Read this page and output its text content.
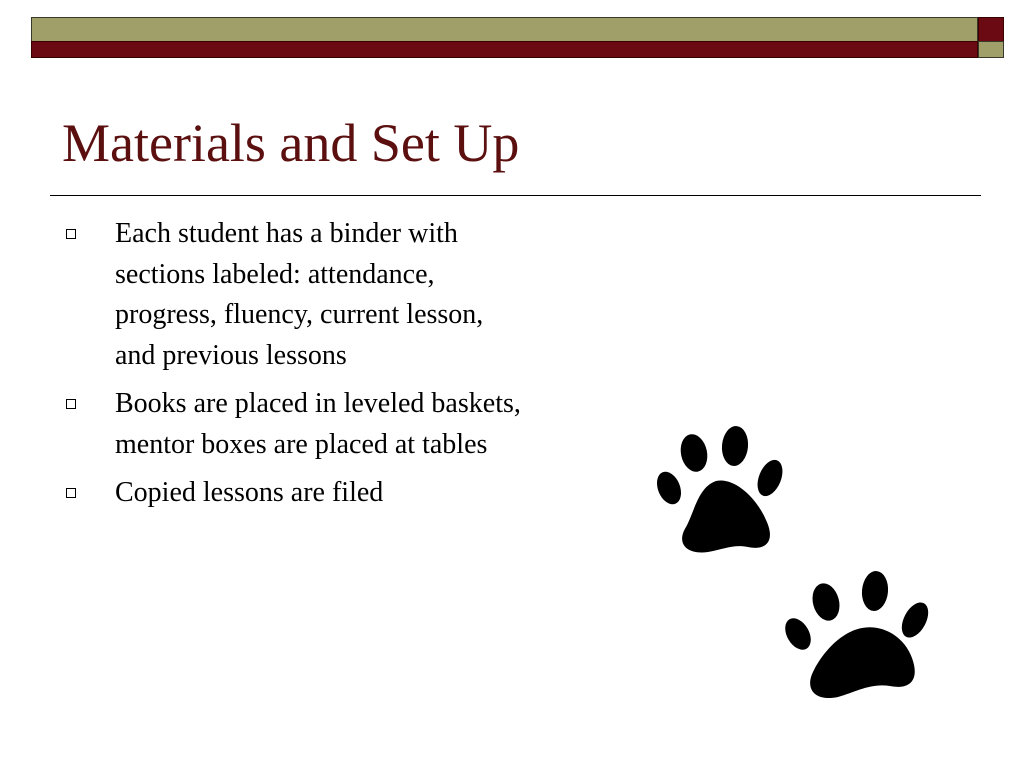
Materials and Set Up
Each student has a binder with sections labeled: attendance, progress, fluency, current lesson, and previous lessons
Books are placed in leveled baskets, mentor boxes are placed at tables
Copied lessons are filed
